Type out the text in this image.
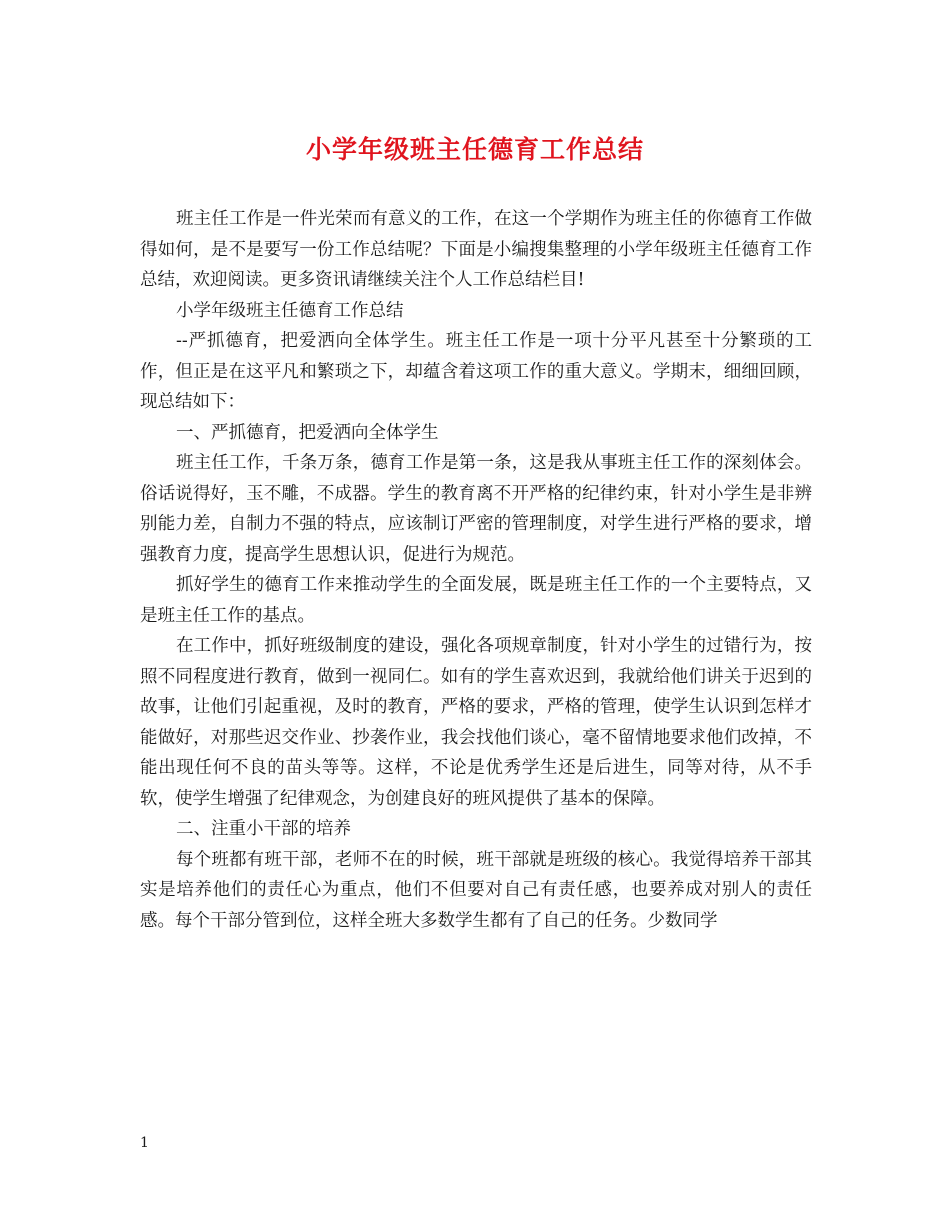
小学年级班主任德育工作总结

班主任工作是一件光荣而有意义的工作，在这一个学期作为班主任的你德育工作做得如何，是不是要写一份工作总结呢？下面是小编搜集整理的小学年级班主任德育工作总结，欢迎阅读。更多资讯请继续关注个人工作总结栏目!

小学年级班主任德育工作总结

--严抓德育，把爱洒向全体学生。班主任工作是一项十分平凡甚至十分繁琐的工作，但正是在这平凡和繁琐之下，却蕴含着这项工作的重大意义。学期末，细细回顾，现总结如下：

一、严抓德育，把爱洒向全体学生

班主任工作，千条万条，德育工作是第一条，这是我从事班主任工作的深刻体会。俗话说得好，玉不雕，不成器。学生的教育离不开严格的纪律约束，针对小学生是非辨别能力差，自制力不强的特点，应该制订严密的管理制度，对学生进行严格的要求，增强教育力度，提高学生思想认识，促进行为规范。

抓好学生的德育工作来推动学生的全面发展，既是班主任工作的一个主要特点，又是班主任工作的基点。

在工作中，抓好班级制度的建设，强化各项规章制度，针对小学生的过错行为，按照不同程度进行教育，做到一视同仁。如有的学生喜欢迟到，我就给他们讲关于迟到的故事，让他们引起重视，及时的教育，严格的要求，严格的管理，使学生认识到怎样才能做好，对那些迟交作业、抄袭作业，我会找他们谈心，毫不留情地要求他们改掉，不能出现任何不良的苗头等等。这样，不论是优秀学生还是后进生，同等对待，从不手软，使学生增强了纪律观念，为创建良好的班风提供了基本的保障。

二、注重小干部的培养

每个班都有班干部，老师不在的时候，班干部就是班级的核心。我觉得培养干部其实是培养他们的责任心为重点，他们不但要对自己有责任感，也要养成对别人的责任感。每个干部分管到位，这样全班大多数学生都有了自己的任务。少数同学

1
